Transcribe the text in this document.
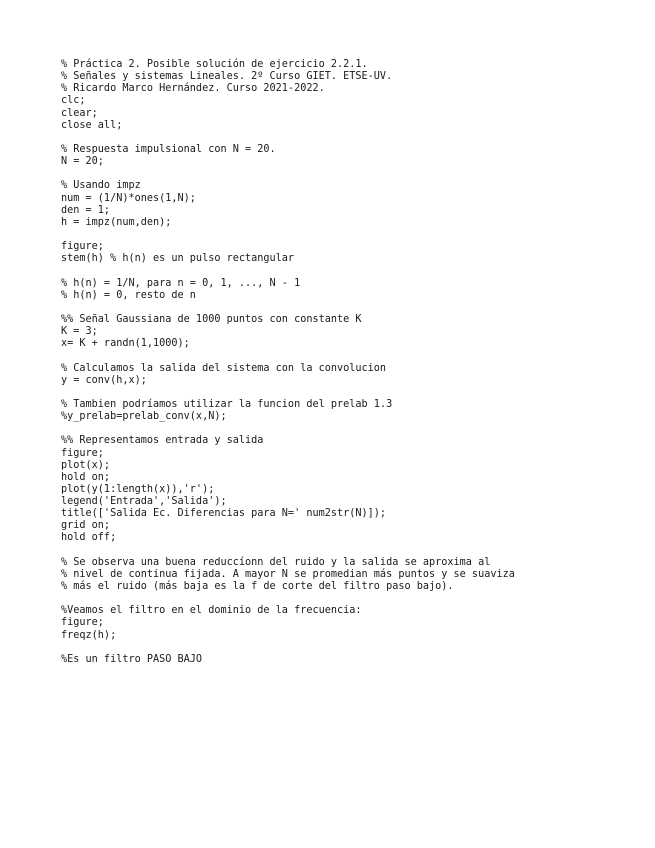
% Práctica 2. Posible solución de ejercicio 2.2.1.
% Señales y sistemas Lineales. 2º Curso GIET. ETSE-UV.
% Ricardo Marco Hernández. Curso 2021-2022.
clc;
clear;
close all;
% Respuesta impulsional con N = 20.
N = 20;
% Usando impz
num = (1/N)*ones(1,N);
den = 1;
h = impz(num,den);
figure;
stem(h) % h(n) es un pulso rectangular
% h(n) = 1/N, para n = 0, 1, ..., N - 1
% h(n) = 0, resto de n
%% Señal Gaussiana de 1000 puntos con constante K
K = 3;
x= K + randn(1,1000);
% Calculamos la salida del sistema con la convolucion
y = conv(h,x);
% Tambien podríamos utilizar la funcion del prelab 1.3
%y_prelab=prelab_conv(x,N);
%% Representamos entrada y salida
figure;
plot(x);
hold on;
plot(y(1:length(x)),'r');
legend('Entrada','Salida');
title(['Salida Ec. Diferencias para N=' num2str(N)]);
grid on;
hold off;
% Se observa una buena reduccíonn del ruido y la salida se aproxima al
% nivel de continua fijada. A mayor N se promedian más puntos y se suaviza
% más el ruido (más baja es la f de corte del filtro paso bajo).
%Veamos el filtro en el dominio de la frecuencia:
figure;
freqz(h);
%Es un filtro PASO BAJO
